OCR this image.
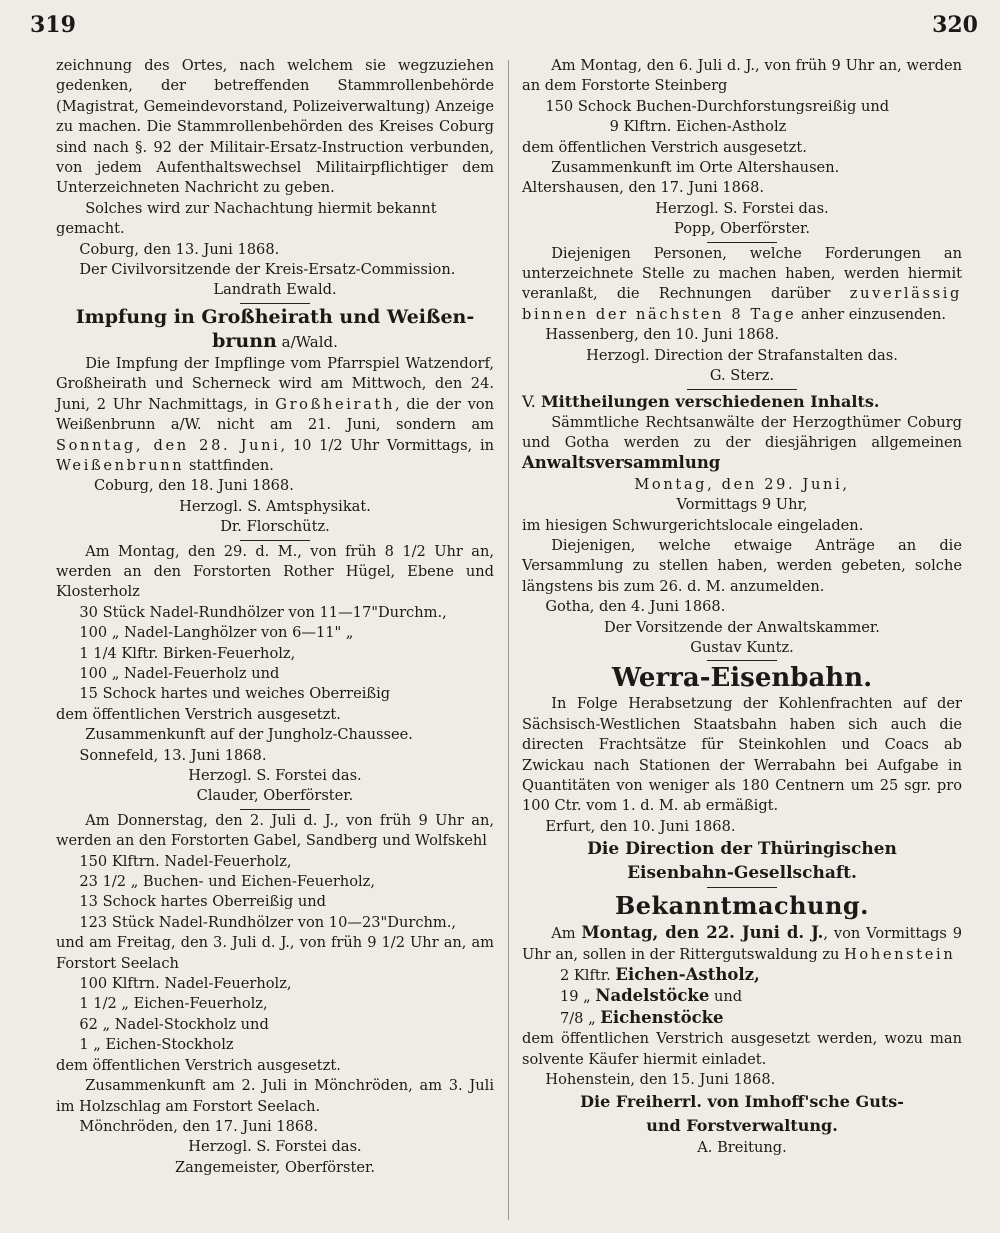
319	320

zeichnung des Ortes, nach welchem sie wegzuziehen gedenken, der betreffenden Stammrollenbehörde (Magistrat, Gemeindevorstand, Polizeiverwaltung) Anzeige zu machen. Die Stammrollenbehörden des Kreises Coburg sind nach §. 92 der Militair-Ersatz-Instruction verbunden, von jedem Aufenthaltswechsel Militairpflichtiger dem Unterzeichneten Nachricht zu geben.

Solches wird zur Nachachtung hiermit bekannt gemacht.

Coburg, den 13. Juni 1868.

Der Civilvorsitzende der Kreis-Ersatz-Commission.

Landrath Ewald.

Impfung in Großheirath und Weißen-

brunn a/Wald.

Die Impfung der Impflinge vom Pfarrspiel Watzendorf, Großheirath und Scherneck wird am Mittwoch, den 24. Juni, 2 Uhr Nachmittags, in Großheirath, die der von Weißenbrunn a/W. nicht am 21. Juni, sondern am Sonntag, den 28. Juni, 10 1/2 Uhr Vormittags, in Weißenbrunn stattfinden.

Coburg, den 18. Juni 1868.

Herzogl. S. Amtsphysikat.

Dr. Florschütz.

Am Montag, den 29. d. M., von früh 8 1/2 Uhr an, werden an den Forstorten Rother Hügel, Ebene und Klosterholz

30 Stück Nadel-Rundhölzer von 11—17"Durchm.,

100 „ Nadel-Langhölzer von 6—11" „

1 1/4 Klftr. Birken-Feuerholz,

100 „ Nadel-Feuerholz und

15 Schock hartes und weiches Oberreißig

dem öffentlichen Verstrich ausgesetzt.

Zusammenkunft auf der Jungholz-Chaussee.

Sonnefeld, 13. Juni 1868.

Herzogl. S. Forstei das.

Clauder, Oberförster.

Am Donnerstag, den 2. Juli d. J., von früh 9 Uhr an, werden an den Forstorten Gabel, Sandberg und Wolfskehl

150 Klftrn. Nadel-Feuerholz,

23 1/2 „ Buchen- und Eichen-Feuerholz,

13 Schock hartes Oberreißig und

123 Stück Nadel-Rundhölzer von 10—23"Durchm.,

und am Freitag, den 3. Juli d. J., von früh 9 1/2 Uhr an, am Forstort Seelach

100 Klftrn. Nadel-Feuerholz,

1 1/2 „ Eichen-Feuerholz,

62 „ Nadel-Stockholz und

1 „ Eichen-Stockholz

dem öffentlichen Verstrich ausgesetzt.

Zusammenkunft am 2. Juli in Mönchröden, am 3. Juli im Holzschlag am Forstort Seelach.

Mönchröden, den 17. Juni 1868.

Herzogl. S. Forstei das.

Zangemeister, Oberförster.

Am Montag, den 6. Juli d. J., von früh 9 Uhr an, werden an dem Forstorte Steinberg

150 Schock Buchen-Durchforstungsreißig und

9 Klftrn. Eichen-Astholz

dem öffentlichen Verstrich ausgesetzt.

Zusammenkunft im Orte Altershausen.

Altershausen, den 17. Juni 1868.

Herzogl. S. Forstei das.

Popp, Oberförster.

Diejenigen Personen, welche Forderungen an unterzeichnete Stelle zu machen haben, werden hiermit veranlaßt, die Rechnungen darüber zuverlässig binnen der nächsten 8 Tage anher einzusenden.

Hassenberg, den 10. Juni 1868.

Herzogl. Direction der Strafanstalten das.

G. Sterz.

V. Mittheilungen verschiedenen Inhalts.

Sämmtliche Rechtsanwälte der Herzogthümer Coburg und Gotha werden zu der diesjährigen allgemeinen Anwaltsversammlung

Montag, den 29. Juni,

Vormittags 9 Uhr,

im hiesigen Schwurgerichtslocale eingeladen.

Diejenigen, welche etwaige Anträge an die Versammlung zu stellen haben, werden gebeten, solche längstens bis zum 26. d. M. anzumelden.

Gotha, den 4. Juni 1868.

Der Vorsitzende der Anwaltskammer.

Gustav Kuntz.

Werra-Eisenbahn.

In Folge Herabsetzung der Kohlenfrachten auf der Sächsisch-Westlichen Staatsbahn haben sich auch die directen Frachtsätze für Steinkohlen und Coacs ab Zwickau nach Stationen der Werrabahn bei Aufgabe in Quantitäten von weniger als 180 Centnern um 25 sgr. pro 100 Ctr. vom 1. d. M. ab ermäßigt.

Erfurt, den 10. Juni 1868.

Die Direction der Thüringischen

Eisenbahn-Gesellschaft.

Bekanntmachung.

Am Montag, den 22. Juni d. J., von Vormittags 9 Uhr an, sollen in der Rittergutswaldung zu Hohenstein

2 Klftr. Eichen-Astholz,

19 „ Nadelstöcke und

7/8 „ Eichenstöcke

dem öffentlichen Verstrich ausgesetzt werden, wozu man solvente Käufer hiermit einladet.

Hohenstein, den 15. Juni 1868.

Die Freiherrl. von Imhoff'sche Guts-

und Forstverwaltung.

A. Breitung.
